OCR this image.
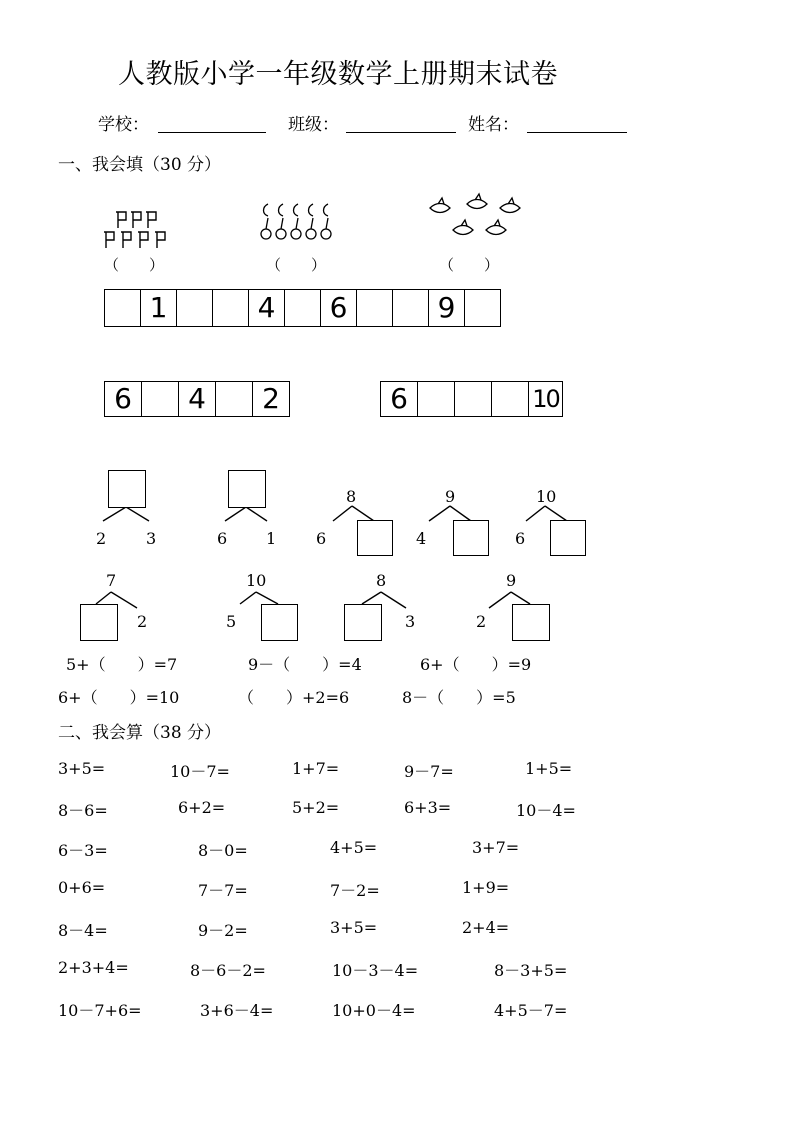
人教版小学一年级数学上册期末试卷
学校：	班级：	姓名：
一、我会填（30 分）
（　　）	（　　）	（　　）
1	4	6	9
6	4	2	6	10
2 3	6 1
8
6
9
4
10
6
7
2
10
5
8
3
9
2
5+（　　）=7	9－（　　）=4	6+（　　）=9
6+（　　）=10	（　　）+2=6	8－（　　）=5
二、我会算（38 分）
3+5=	10－7=	1+7=	9－7=	1+5=
8－6=	6+2=	5+2=	6+3=	10－4=
6－3=	8－0=	4+5=	3+7=
0+6=	7－7=	7－2=	1+9=
8－4=	9－2=	3+5=	2+4=
2+3+4=	8－6－2=	10－3－4=	8－3+5=
10－7+6=	3+6－4=	10+0－4=	4+5－7=
